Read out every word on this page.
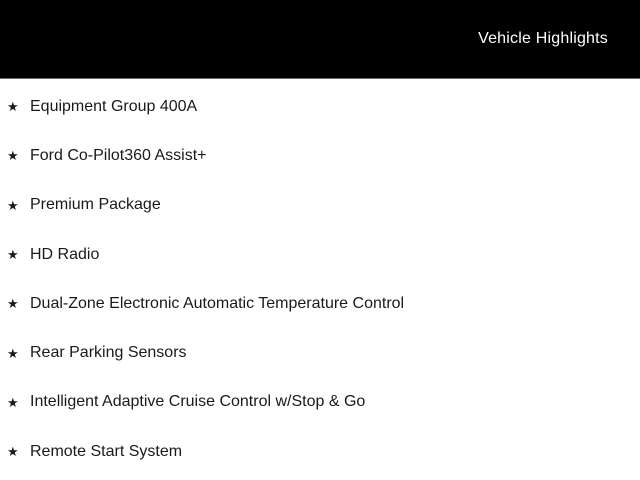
Vehicle Highlights
★ Equipment Group 400A
★ Ford Co-Pilot360 Assist+
★ Premium Package
★ HD Radio
★ Dual-Zone Electronic Automatic Temperature Control
★ Rear Parking Sensors
★ Intelligent Adaptive Cruise Control w/Stop & Go
★ Remote Start System
